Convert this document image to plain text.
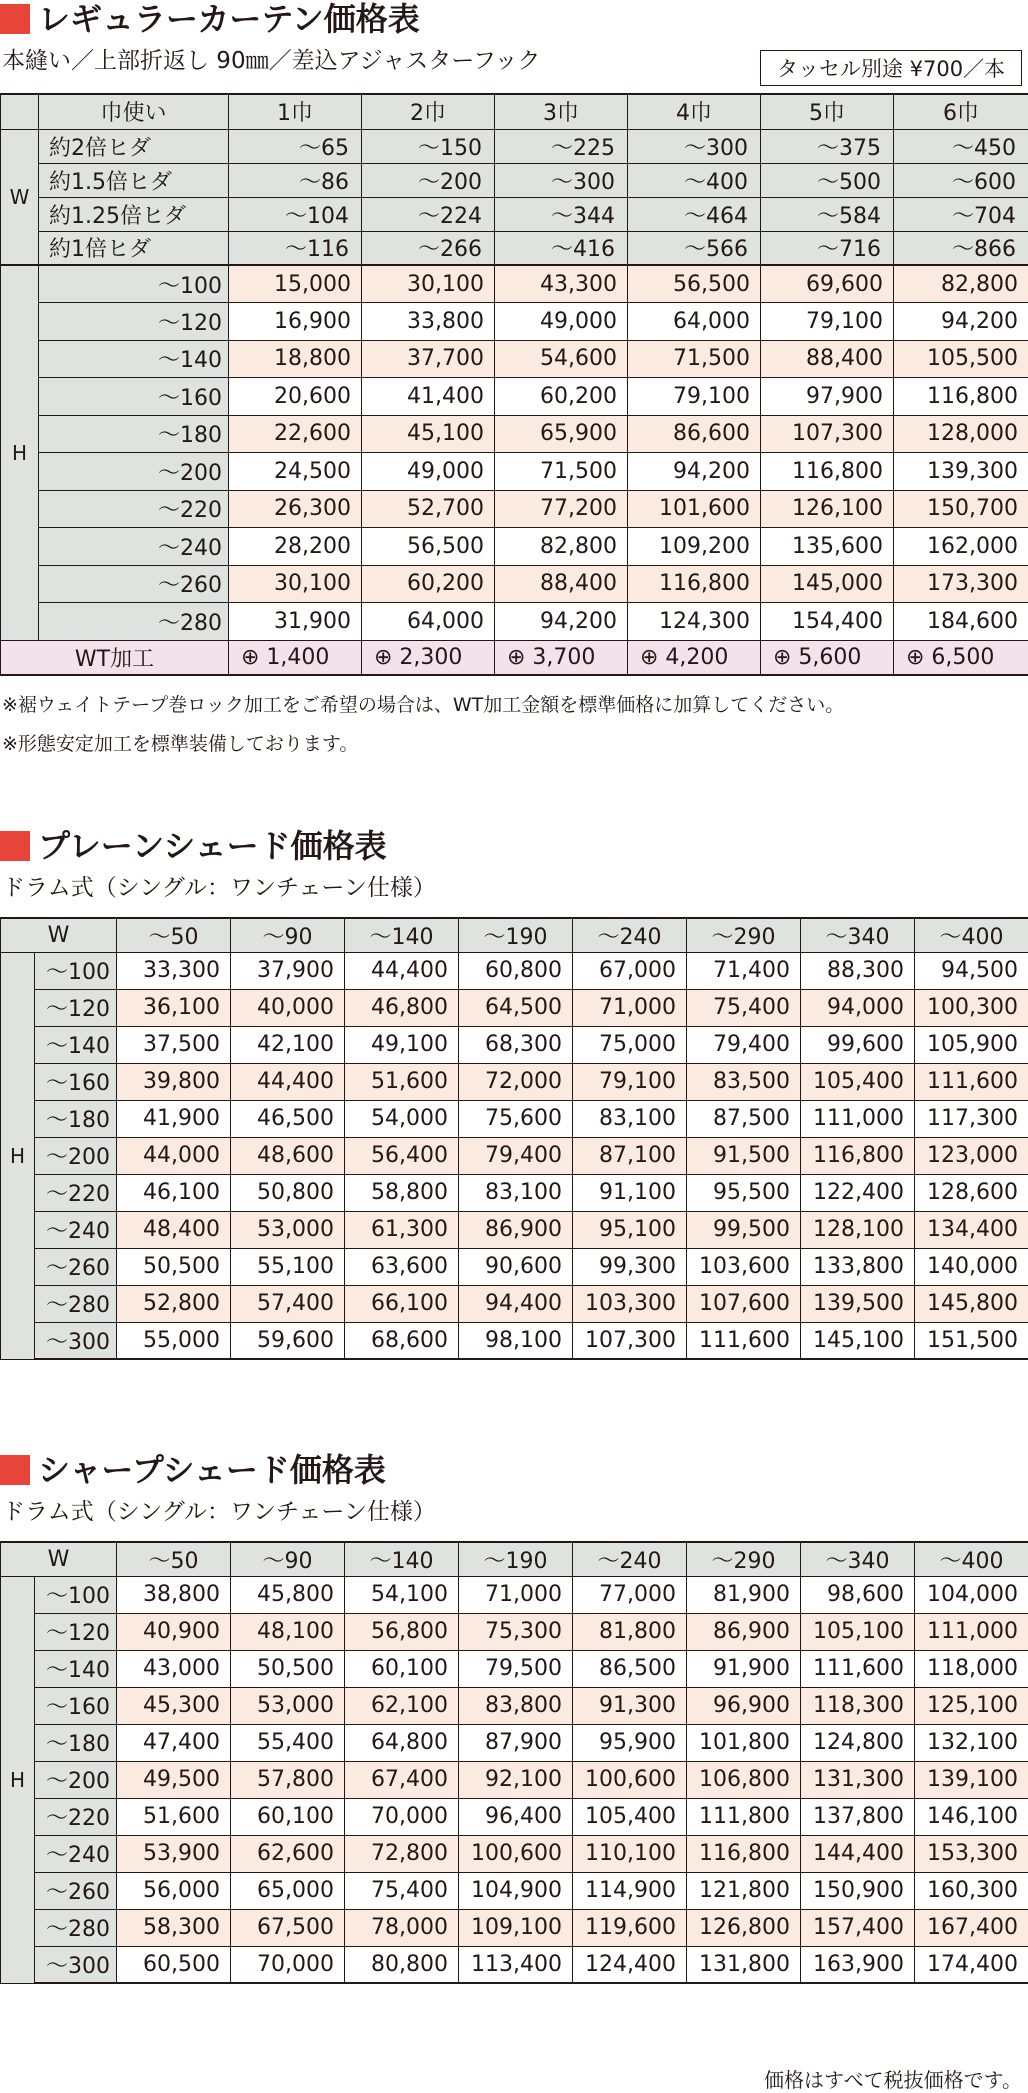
レギュラーカーテン価格表
本縫い／上部折返し 90㎜／差込アジャスターフック	タッセル別途 ¥700／本
	巾使い	1巾	2巾	3巾	4巾	5巾	6巾
W	約2倍ヒダ	～65	～150	～225	～300	～375	～450
	約1.5倍ヒダ	～86	～200	～300	～400	～500	～600
	約1.25倍ヒダ	～104	～224	～344	～464	～584	～704
	約1倍ヒダ	～116	～266	～416	～566	～716	～866
H	～100	15,000	30,100	43,300	56,500	69,600	82,800
	～120	16,900	33,800	49,000	64,000	79,100	94,200
	～140	18,800	37,700	54,600	71,500	88,400	105,500
	～160	20,600	41,400	60,200	79,100	97,900	116,800
	～180	22,600	45,100	65,900	86,600	107,300	128,000
	～200	24,500	49,000	71,500	94,200	116,800	139,300
	～220	26,300	52,700	77,200	101,600	126,100	150,700
	～240	28,200	56,500	82,800	109,200	135,600	162,000
	～260	30,100	60,200	88,400	116,800	145,000	173,300
	～280	31,900	64,000	94,200	124,300	154,400	184,600
WT加工		⊕ 1,400	⊕ 2,300	⊕ 3,700	⊕ 4,200	⊕ 5,600	⊕ 6,500
※裾ウェイトテープ巻ロック加工をご希望の場合は、WT加工金額を標準価格に加算してください。
※形態安定加工を標準装備しております。
プレーンシェード価格表
ドラム式（シングル：ワンチェーン仕様）
W		～50	～90	～140	～190	～240	～290	～340	～400
H	～100	33,300	37,900	44,400	60,800	67,000	71,400	88,300	94,500
	～120	36,100	40,000	46,800	64,500	71,000	75,400	94,000	100,300
	～140	37,500	42,100	49,100	68,300	75,000	79,400	99,600	105,900
	～160	39,800	44,400	51,600	72,000	79,100	83,500	105,400	111,600
	～180	41,900	46,500	54,000	75,600	83,100	87,500	111,000	117,300
	～200	44,000	48,600	56,400	79,400	87,100	91,500	116,800	123,000
	～220	46,100	50,800	58,800	83,100	91,100	95,500	122,400	128,600
	～240	48,400	53,000	61,300	86,900	95,100	99,500	128,100	134,400
	～260	50,500	55,100	63,600	90,600	99,300	103,600	133,800	140,000
	～280	52,800	57,400	66,100	94,400	103,300	107,600	139,500	145,800
	～300	55,000	59,600	68,600	98,100	107,300	111,600	145,100	151,500
シャープシェード価格表
ドラム式（シングル：ワンチェーン仕様）
W		～50	～90	～140	～190	～240	～290	～340	～400
H	～100	38,800	45,800	54,100	71,000	77,000	81,900	98,600	104,000
	～120	40,900	48,100	56,800	75,300	81,800	86,900	105,100	111,000
	～140	43,000	50,500	60,100	79,500	86,500	91,900	111,600	118,000
	～160	45,300	53,000	62,100	83,800	91,300	96,900	118,300	125,100
	～180	47,400	55,400	64,800	87,900	95,900	101,800	124,800	132,100
	～200	49,500	57,800	67,400	92,100	100,600	106,800	131,300	139,100
	～220	51,600	60,100	70,000	96,400	105,400	111,800	137,800	146,100
	～240	53,900	62,600	72,800	100,600	110,100	116,800	144,400	153,300
	～260	56,000	65,000	75,400	104,900	114,900	121,800	150,900	160,300
	～280	58,300	67,500	78,000	109,100	119,600	126,800	157,400	167,400
	～300	60,500	70,000	80,800	113,400	124,400	131,800	163,900	174,400
価格はすべて税抜価格です。
